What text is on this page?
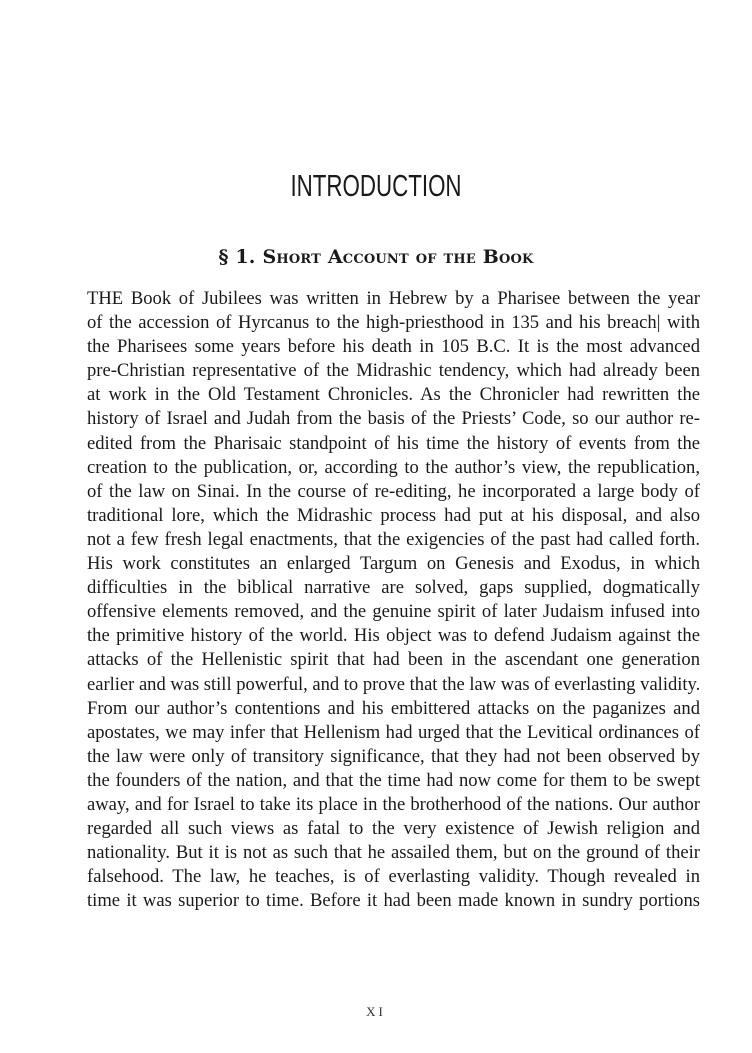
INTRODUCTION
§ 1. Short Account of the Book
THE Book of Jubilees was written in Hebrew by a Pharisee between the year
of the accession of Hyrcanus to the high-priesthood in 135 and his breach| with
the Pharisees some years before his death in 105 B.C. It is the most advanced
pre-Christian representative of the Midrashic tendency, which had already been
at work in the Old Testament Chronicles. As the Chronicler had rewritten the
history of Israel and Judah from the basis of the Priests’ Code, so our author re-
edited from the Pharisaic standpoint of his time the history of events from the
creation to the publication, or, according to the author’s view, the republication,
of the law on Sinai. In the course of re-editing, he incorporated a large body of
traditional lore, which the Midrashic process had put at his disposal, and also
not a few fresh legal enactments, that the exigencies of the past had called forth.
His work constitutes an enlarged Targum on Genesis and Exodus, in which
difficulties in the biblical narrative are solved, gaps supplied, dogmatically
offensive elements removed, and the genuine spirit of later Judaism infused into
the primitive history of the world. His object was to defend Judaism against the
attacks of the Hellenistic spirit that had been in the ascendant one generation
earlier and was still powerful, and to prove that the law was of everlasting validity.
From our author’s contentions and his embittered attacks on the paganizes and
apostates, we may infer that Hellenism had urged that the Levitical ordinances of
the law were only of transitory significance, that they had not been observed by
the founders of the nation, and that the time had now come for them to be swept
away, and for Israel to take its place in the brotherhood of the nations. Our author
regarded all such views as fatal to the very existence of Jewish religion and
nationality. But it is not as such that he assailed them, but on the ground of their
falsehood. The law, he teaches, is of everlasting validity. Though revealed in
time it was superior to time. Before it had been made known in sundry portions
XI
